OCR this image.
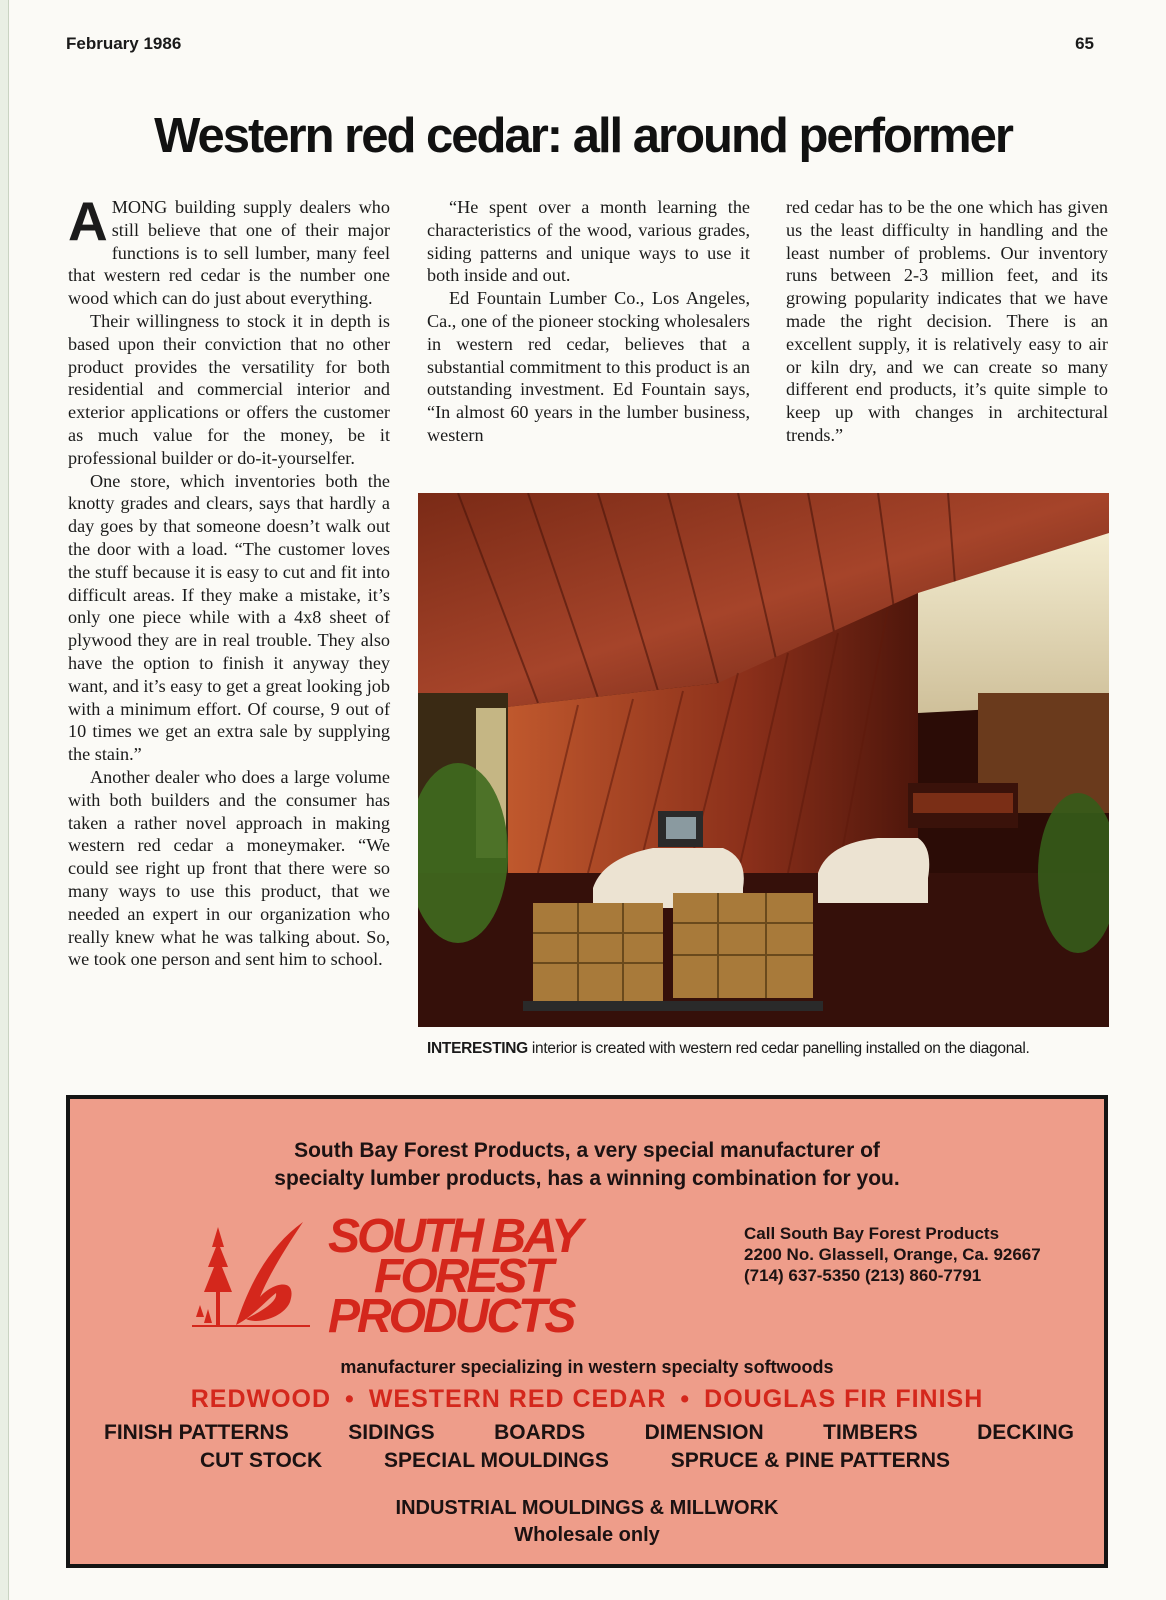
February 1986	65
Western red cedar: all around performer

AMONG building supply dealers who still believe that one of their major functions is to sell lumber, many feel that western red cedar is the number one wood which can do just about everything.

Their willingness to stock it in depth is based upon their conviction that no other product provides the versatility for both residential and commercial interior and exterior applications or offers the customer as much value for the money, be it professional builder or do-it-yourselfer.

One store, which inventories both the knotty grades and clears, says that hardly a day goes by that someone doesn’t walk out the door with a load. “The customer loves the stuff because it is easy to cut and fit into difficult areas. If they make a mistake, it’s only one piece while with a 4x8 sheet of plywood they are in real trouble. They also have the option to finish it anyway they want, and it’s easy to get a great looking job with a minimum effort. Of course, 9 out of 10 times we get an extra sale by supplying the stain.”

Another dealer who does a large volume with both builders and the consumer has taken a rather novel approach in making western red cedar a moneymaker. “We could see right up front that there were so many ways to use this product, that we needed an expert in our organization who really knew what he was talking about. So, we took one person and sent him to school.

“He spent over a month learning the characteristics of the wood, various grades, siding patterns and unique ways to use it both inside and out.

Ed Fountain Lumber Co., Los Angeles, Ca., one of the pioneer stocking wholesalers in western red cedar, believes that a substantial commitment to this product is an outstanding investment. Ed Fountain says, “In almost 60 years in the lumber business, western

red cedar has to be the one which has given us the least difficulty in handling and the least number of problems. Our inventory runs between 2-3 million feet, and its growing popularity indicates that we have made the right decision. There is an excellent supply, it is relatively easy to air or kiln dry, and we can create so many different end products, it’s quite simple to keep up with changes in architectural trends.”

INTERESTING interior is created with western red cedar panelling installed on the diagonal.

South Bay Forest Products, a very special manufacturer of
specialty lumber products, has a winning combination for you.

SOUTH BAY
FOREST
PRODUCTS
Call South Bay Forest Products
2200 No. Glassell, Orange, Ca. 92667
(714) 637-5350 (213) 860-7791
manufacturer specializing in western specialty softwoods
REDWOOD • WESTERN RED CEDAR • DOUGLAS FIR FINISH
FINISH PATTERNS	SIDINGS	BOARDS	DIMENSION	TIMBERS	DECKING
CUT STOCK	SPECIAL MOULDINGS	SPRUCE & PINE PATTERNS
INDUSTRIAL MOULDINGS & MILLWORK
Wholesale only
